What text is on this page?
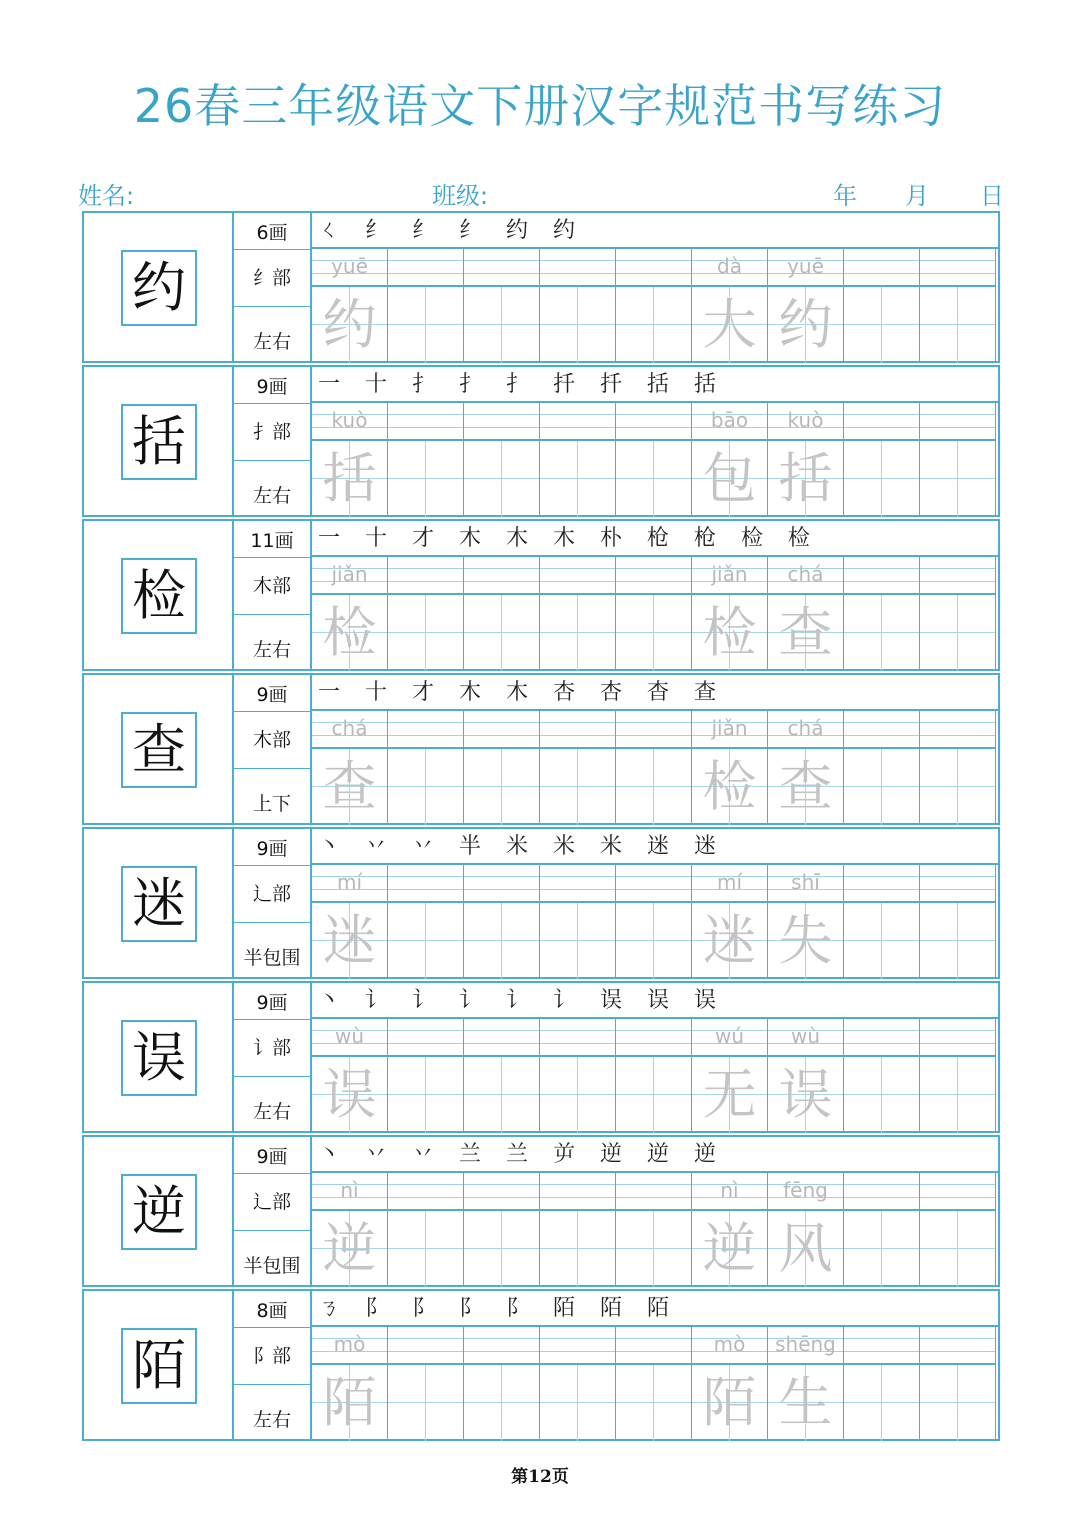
26春三年级语文下册汉字规范书写练习
姓名:	班级:	年 月 日
约
6画
纟部
左右
ㄑ 纟 纟 纟 约 约
yuē
约
dà
大
yuē
约
括
9画
扌部
左右
一 十 扌 扌 扌 扦 扦 括 括
kuò
括
bāo
包
kuò
括
检
11画
木部
左右
一 十 才 木 木 木 朴 枪 枪 检 检
jiǎn
检
jiǎn
检
chá
查
查
9画
木部
上下
一 十 才 木 木 杏 杏 杳 查
chá
查
jiǎn
检
chá
查
迷
9画
辶部
半包围
丶 丷 丷 半 米 米 米 迷 迷
mí
迷
mí
迷
shī
失
误
9画
讠部
左右
丶 讠 讠 讠 讠 讠 误 误 误
wù
误
wú
无
wù
误
逆
9画
辶部
半包围
丶 丷 丷 兰 兰 屰 逆 逆 逆
nì
逆
nì
逆
fēng
风
陌
8画
阝部
左右
ㄋ 阝 阝 阝 阝 陌 陌 陌
mò
陌
mò
陌
shēng
生
第12页
